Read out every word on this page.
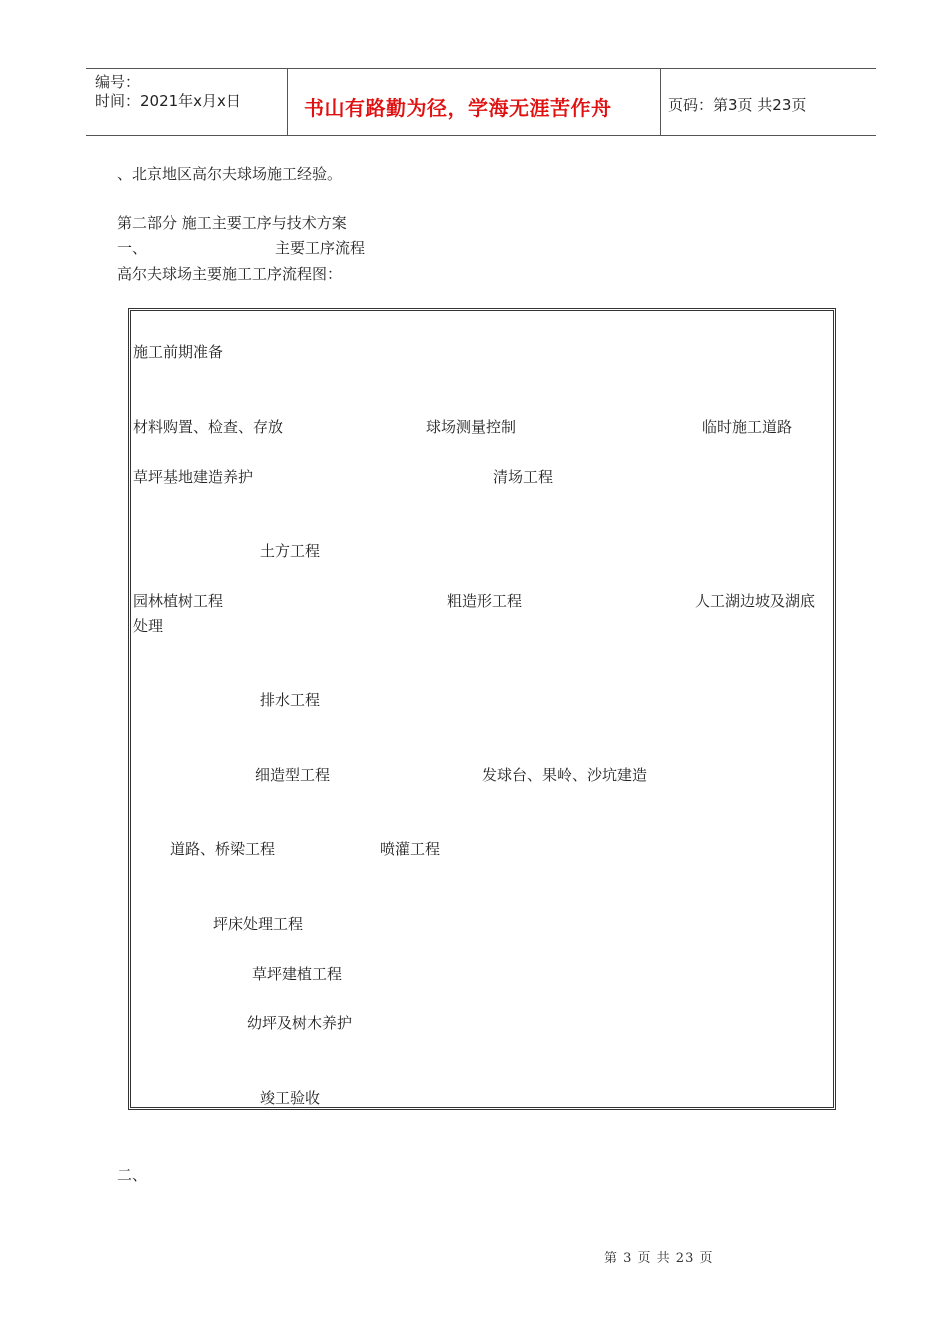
编号：
时间：2021年x月x日	书山有路勤为径，学海无涯苦作舟	页码：第3页 共23页
、北京地区高尔夫球场施工经验。
第二部分 施工主要工序与技术方案
一、	主要工序流程
高尔夫球场主要施工工序流程图：
施工前期准备
材料购置、检查、存放	球场测量控制	临时施工道路
草坪基地建造养护	清场工程
土方工程
园林植树工程	粗造形工程	人工湖边坡及湖底
处理
排水工程
细造型工程	发球台、果岭、沙坑建造
道路、桥梁工程	喷灌工程
坪床处理工程
草坪建植工程
幼坪及树木养护
竣工验收
二、
第 3 页 共 23 页
